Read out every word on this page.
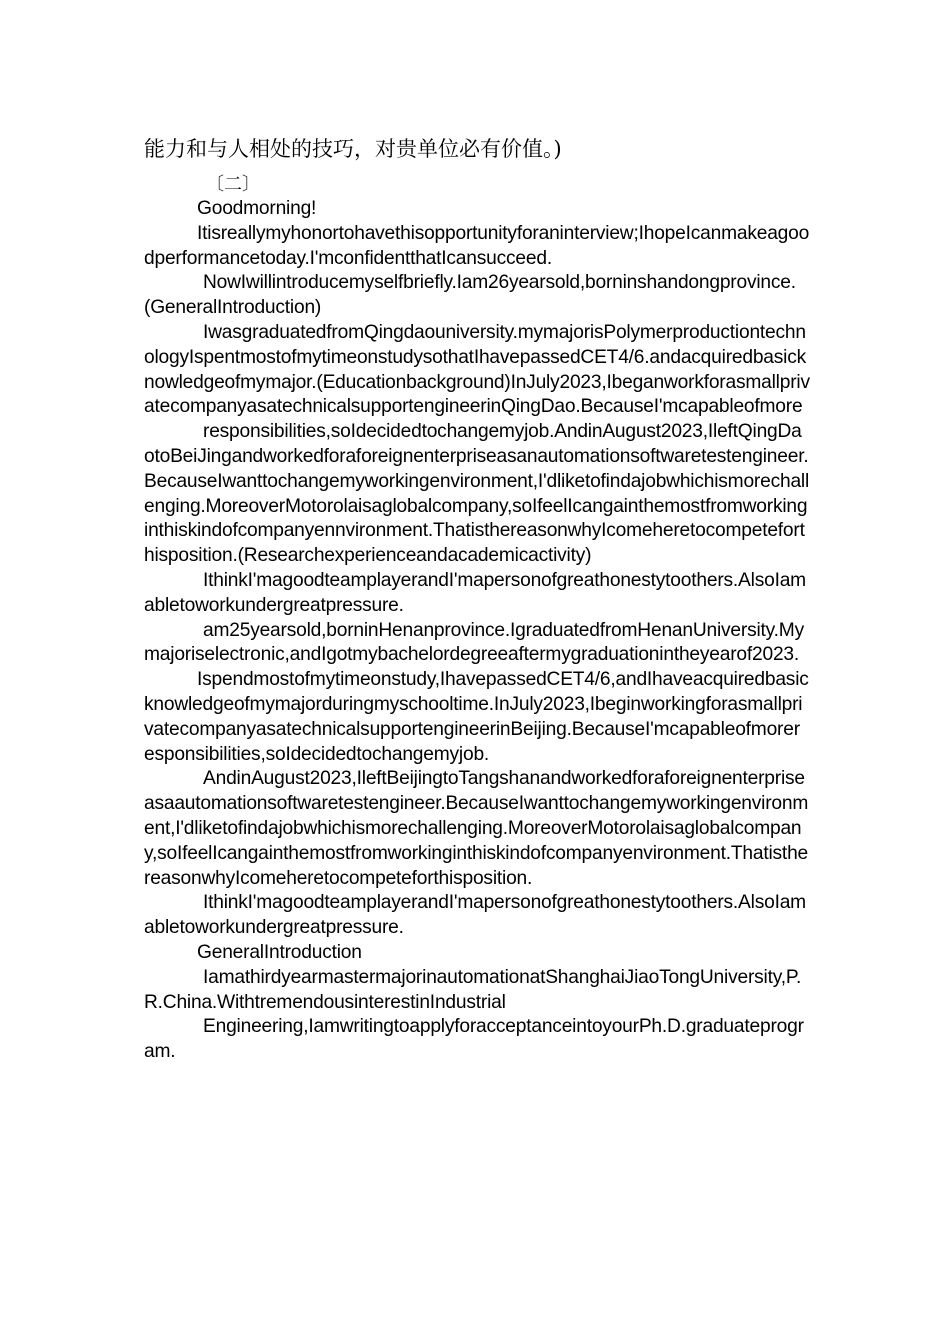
能力和与人相处的技巧，对贵单位必有价值。)

〔二〕

Goodmorning!

Itisreallymyhonortohavethisopportunityforaninterview;IhopeIcanmakeagoodperformancetoday.I'mconfidentthatIcansucceed.

NowIwillintroducemyselfbriefly.Iam26yearsold,borninshandongprovince.(GeneralIntroduction)

IwasgraduatedfromQingdaouniversity.mymajorisPolymerproductiontechnologyIspentmostofmytimeonstudysothatIhavepassedCET4/6.andacquiredbasicknowledgeofmymajor.(Educationbackground)InJuly2023,IbeganworkforasmallprivatecompanyasatechnicalsupportengineerinQingDao.BecauseI'mcapableofmore

responsibilities,soIdecidedtochangemyjob.AndinAugust2023,IleftQingDaotoBeiJingandworkedforaforeignenterpriseasanautomationsoftwaretestengineer.BecauseIwanttochangemyworkingenvironment,I'dliketofindajobwhichismorechallenging.MoreoverMotorolaisaglobalcompany,soIfeelIcangainthemostfromworkinginthiskindofcompanyennvironment.ThatisthereasonwhyIcomeheretocompeteforthisposition.(Researchexperienceandacademicactivity)

IthinkI'magoodteamplayerandI'mapersonofgreathonestytoothers.AlsoIamabletoworkundergreatpressure.

am25yearsold,borninHenanprovince.IgraduatedfromHenanUniversity.Mymajoriselectronic,andIgotmybachelordegreeaftermygraduationintheyearof2023.

Ispendmostofmytimeonstudy,IhavepassedCET4/6,andIhaveacquiredbasicknowledgeofmymajorduringmyschooltime.InJuly2023,IbeginworkingforasmallprivatecompanyasatechnicalsupportengineerinBeijing.BecauseI'mcapableofmoreresponsibilities,soIdecidedtochangemyjob.

AndinAugust2023,IleftBeijingtoTangshanandworkedforaforeignenterpriseasaautomationsoftwaretestengineer.BecauseIwanttochangemyworkingenvironment,I'dliketofindajobwhichismorechallenging.MoreoverMotorolaisaglobalcompany,soIfeelIcangainthemostfromworkinginthiskindofcompanyenvironment.ThatisthereasonwhyIcomeheretocompeteforthisposition.

IthinkI'magoodteamplayerandI'mapersonofgreathonestytoothers.AlsoIamabletoworkundergreatpressure.

GeneralIntroduction

IamathirdyearmastermajorinautomationatShanghaiJiaoTongUniversity,P.R.China.WithtremendousinterestinIndustrial

Engineering,IamwritingtoapplyforacceptanceintoyourPh.D.graduateprogram.
